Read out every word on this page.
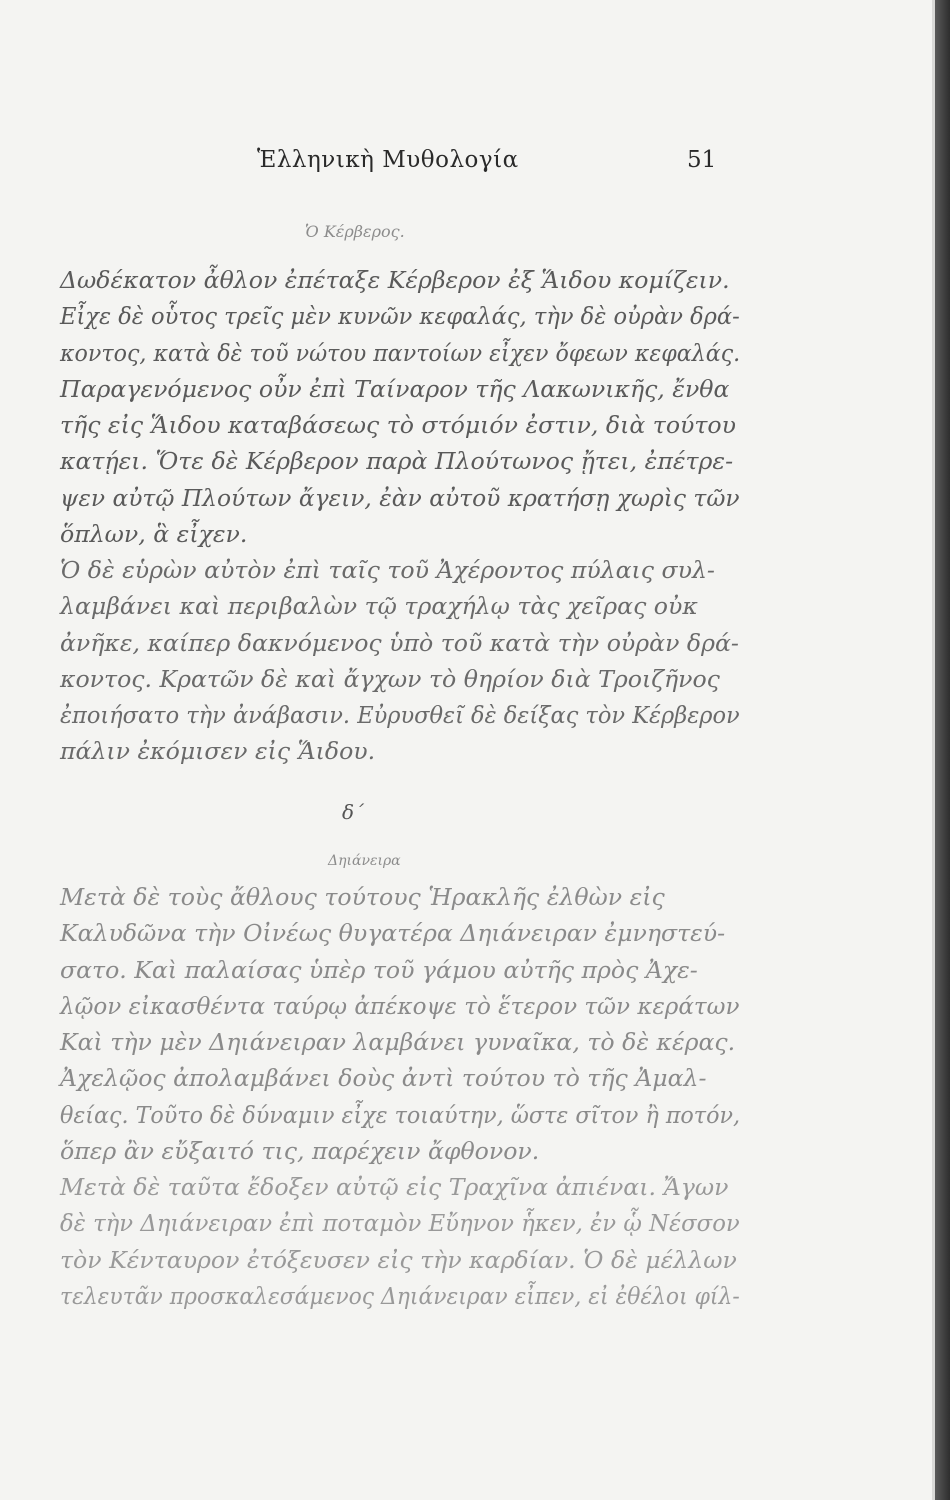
Ἑλληνικὴ Μυθολογία	51
Ὁ Κέρβερος.

Δωδέκατον ἆθλον ἐπέταξε Κέρβερον ἐξ Ἅιδου κομίζειν.
Εἶχε δὲ οὗτος τρεῖς μὲν κυνῶν κεφαλάς, τὴν δὲ οὐρὰν δρά-
κοντος, κατὰ δὲ τοῦ νώτου παντοίων εἶχεν ὄφεων κεφαλάς.
Παραγενόμενος οὖν ἐπὶ Ταίναρον τῆς Λακωνικῆς, ἔνθα
τῆς εἰς Ἅιδου καταβάσεως τὸ στόμιόν ἐστιν, διὰ τούτου
κατῄει. Ὅτε δὲ Κέρβερον παρὰ Πλούτωνος ᾔτει, ἐπέτρε-
ψεν αὐτῷ Πλούτων ἄγειν, ἐὰν αὐτοῦ κρατήσῃ χωρὶς τῶν
ὅπλων, ἃ εἶχεν.

Ὁ δὲ εὑρὼν αὐτὸν ἐπὶ ταῖς τοῦ Ἀχέροντος πύλαις συλ-
λαμβάνει καὶ περιβαλὼν τῷ τραχήλῳ τὰς χεῖρας οὐκ
ἀνῆκε, καίπερ δακνόμενος ὑπὸ τοῦ κατὰ τὴν οὐρὰν δρά-
κοντος. Κρατῶν δὲ καὶ ἄγχων τὸ θηρίον διὰ Τροιζῆνος
ἐποιήσατο τὴν ἀνάβασιν. Εὐρυσθεῖ δὲ δείξας τὸν Κέρβερον
πάλιν ἐκόμισεν εἰς Ἅιδου.

δ΄
Δηιάνειρα

Μετὰ δὲ τοὺς ἄθλους τούτους Ἡρακλῆς ἐλθὼν εἰς
Καλυδῶνα τὴν Οἰνέως θυγατέρα Δηιάνειραν ἐμνηστεύ-
σατο. Καὶ παλαίσας ὑπὲρ τοῦ γάμου αὐτῆς πρὸς Ἀχε-
λῷον εἰκασθέντα ταύρῳ ἀπέκοψε τὸ ἕτερον τῶν κεράτων
Καὶ τὴν μὲν Δηιάνειραν λαμβάνει γυναῖκα, τὸ δὲ κέρας.
Ἀχελῷος ἀπολαμβάνει δοὺς ἀντὶ τούτου τὸ τῆς Ἀμαλ-
θείας. Τοῦτο δὲ δύναμιν εἶχε τοιαύτην, ὥστε σῖτον ἢ ποτόν,
ὅπερ ἂν εὔξαιτό τις, παρέχειν ἄφθονον.

Μετὰ δὲ ταῦτα ἔδοξεν αὐτῷ εἰς Τραχῖνα ἀπιέναι. Ἄγων
δὲ τὴν Δηιάνειραν ἐπὶ ποταμὸν Εὔηνον ἧκεν, ἐν ᾧ Νέσσον
τὸν Κένταυρον ἐτόξευσεν εἰς τὴν καρδίαν. Ὁ δὲ μέλλων
τελευτᾶν προσκαλεσάμενος Δηιάνειραν εἶπεν, εἰ ἐθέλοι φίλ-
